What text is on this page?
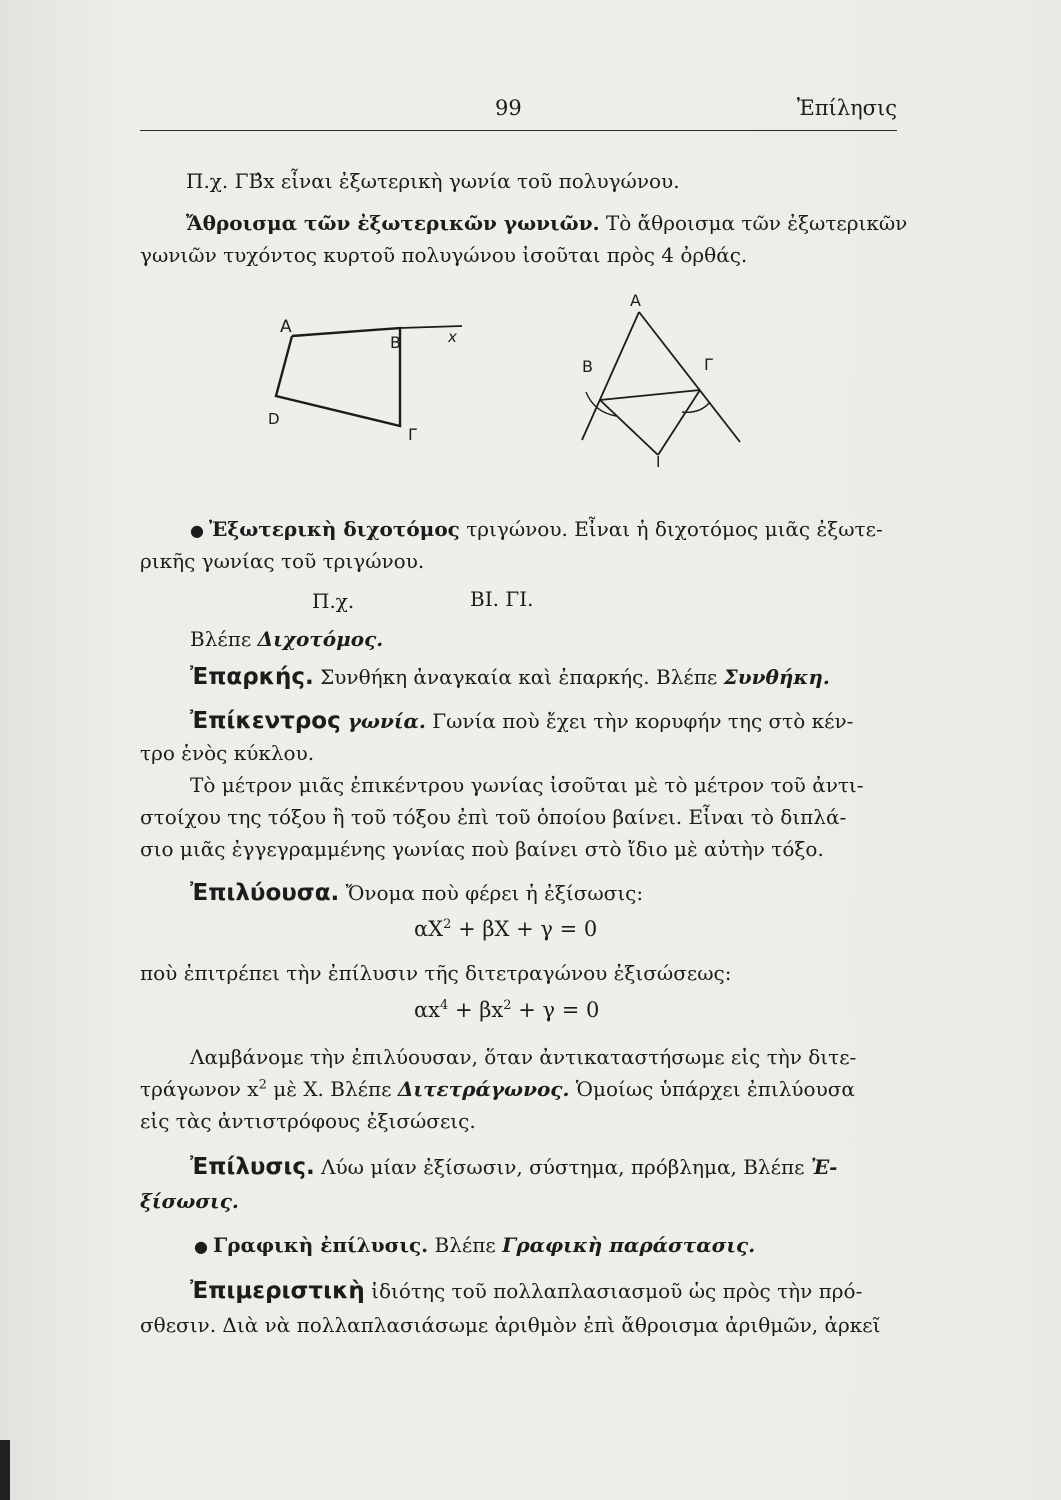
99	Ἐπίλησις
Π.χ. ΓΒ̂x εἶναι ἐξωτερικὴ γωνία τοῦ πολυγώνου.
Ἄθροισμα τῶν ἐξωτερικῶν γωνιῶν. Τὸ ἄθροισμα τῶν ἐξωτερικῶν
γωνιῶν τυχόντος κυρτοῦ πολυγώνου ἰσοῦται πρὸς 4 ὀρθάς.
A
B	x
D
Γ
A
B	Γ
I
● Ἐξωτερικὴ διχοτόμος τριγώνου. Εἶναι ἡ διχοτόμος μιᾶς ἐξωτε-
ρικῆς γωνίας τοῦ τριγώνου.
Π.χ.	ΒΙ. ΓΙ.
Βλέπε Διχοτόμος.
Ἐπαρκής. Συνθήκη ἀναγκαία καὶ ἐπαρκής. Βλέπε Συνθήκη.
Ἐπίκεντρος γωνία. Γωνία ποὺ ἔχει τὴν κορυφήν της στὸ κέν-
τρο ἑνὸς κύκλου.
Τὸ μέτρον μιᾶς ἐπικέντρου γωνίας ἰσοῦται μὲ τὸ μέτρον τοῦ ἀντι-
στοίχου της τόξου ἢ τοῦ τόξου ἐπὶ τοῦ ὁποίου βαίνει. Εἶναι τὸ διπλά-
σιο μιᾶς ἐγγεγραμμένης γωνίας ποὺ βαίνει στὸ ἴδιο μὲ αὐτὴν τόξο.
Ἐπιλύουσα. Ὄνομα ποὺ φέρει ἡ ἐξίσωσις:
$\alpha X^2 + \beta X + \gamma = 0$
ποὺ ἐπιτρέπει τὴν ἐπίλυσιν τῆς διτετραγώνου ἐξισώσεως:
$\alpha x^4 + \beta x^2 + \gamma = 0$
Λαμβάνομε τὴν ἐπιλύουσαν, ὅταν ἀντικαταστήσωμε εἰς τὴν διτε-
τράγωνον $x^2$ μὲ X. Βλέπε Διτετράγωνος. Ὁμοίως ὑπάρχει ἐπιλύουσα
εἰς τὰς ἀντιστρόφους ἐξισώσεις.
Ἐπίλυσις. Λύω μίαν ἐξίσωσιν, σύστημα, πρόβλημα, Βλέπε Ἐ-
ξίσωσις.
● Γραφικὴ ἐπίλυσις. Βλέπε Γραφικὴ παράστασις.
Ἐπιμεριστικὴ ἰδιότης τοῦ πολλαπλασιασμοῦ ὡς πρὸς τὴν πρό-
σθεσιν. Διὰ νὰ πολλαπλασιάσωμε ἀριθμὸν ἐπὶ ἄθροισμα ἀριθμῶν, ἀρκεῖ
